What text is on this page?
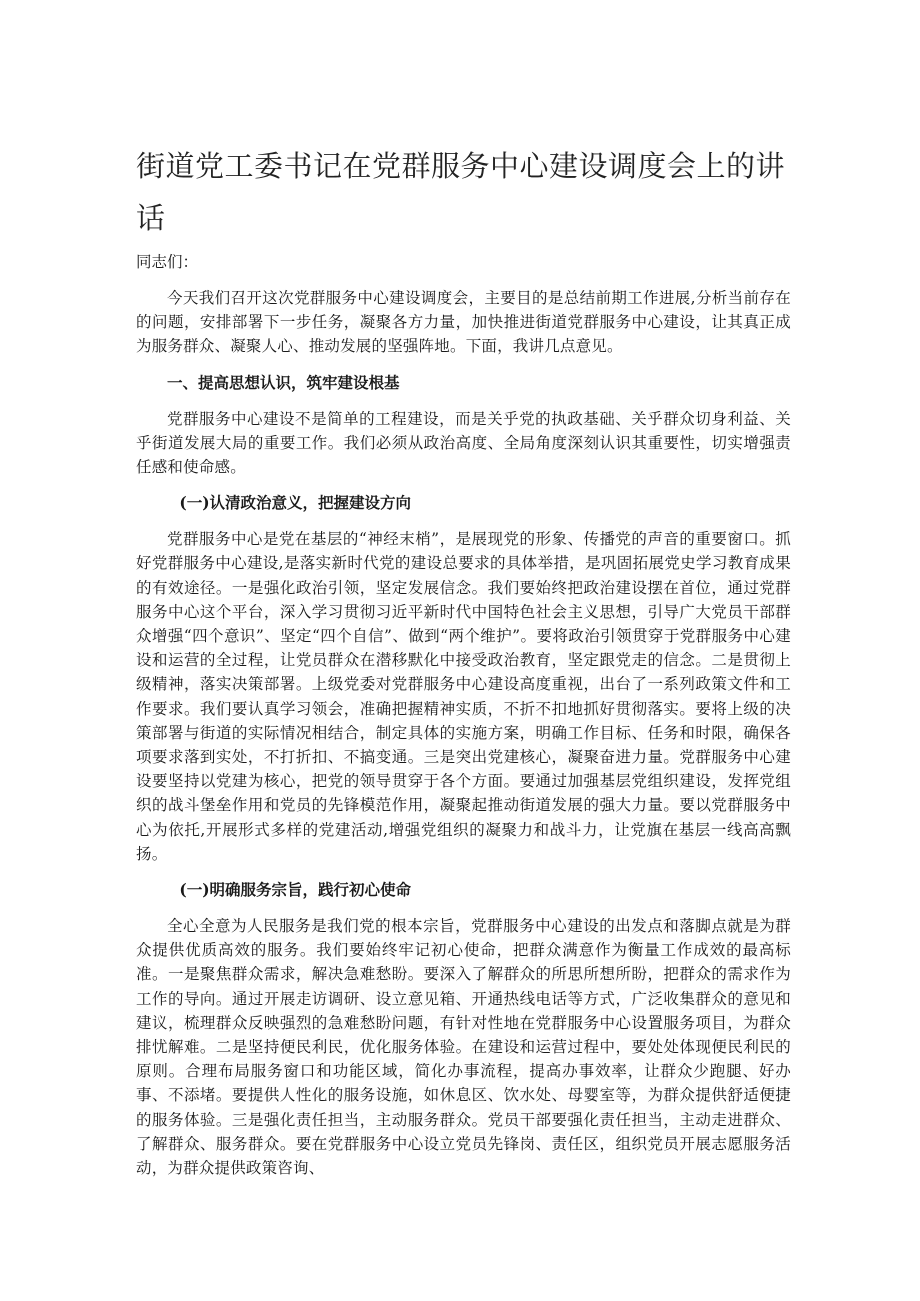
街道党工委书记在党群服务中心建设调度会上的讲话

同志们：

今天我们召开这次党群服务中心建设调度会，主要目的是总结前期工作进展,分析当前存在的问题，安排部署下一步任务，凝聚各方力量，加快推进街道党群服务中心建设，让其真正成为服务群众、凝聚人心、推动发展的坚强阵地。下面，我讲几点意见。

一、提高思想认识，筑牢建设根基

党群服务中心建设不是简单的工程建设，而是关乎党的执政基础、关乎群众切身利益、关乎街道发展大局的重要工作。我们必须从政治高度、全局角度深刻认识其重要性，切实增强责任感和使命感。

(一)认清政治意义，把握建设方向

党群服务中心是党在基层的“神经末梢”，是展现党的形象、传播党的声音的重要窗口。抓好党群服务中心建设,是落实新时代党的建设总要求的具体举措，是巩固拓展党史学习教育成果的有效途径。一是强化政治引领，坚定发展信念。我们要始终把政治建设摆在首位，通过党群服务中心这个平台，深入学习贯彻习近平新时代中国特色社会主义思想，引导广大党员干部群众增强“四个意识”、坚定“四个自信”、做到“两个维护”。要将政治引领贯穿于党群服务中心建设和运营的全过程，让党员群众在潜移默化中接受政治教育，坚定跟党走的信念。二是贯彻上级精神，落实决策部署。上级党委对党群服务中心建设高度重视，出台了一系列政策文件和工作要求。我们要认真学习领会，准确把握精神实质，不折不扣地抓好贯彻落实。要将上级的决策部署与街道的实际情况相结合，制定具体的实施方案，明确工作目标、任务和时限，确保各项要求落到实处，不打折扣、不搞变通。三是突出党建核心，凝聚奋进力量。党群服务中心建设要坚持以党建为核心，把党的领导贯穿于各个方面。要通过加强基层党组织建设，发挥党组织的战斗堡垒作用和党员的先锋模范作用，凝聚起推动街道发展的强大力量。要以党群服务中心为依托,开展形式多样的党建活动,增强党组织的凝聚力和战斗力，让党旗在基层一线高高飘扬。

(一)明确服务宗旨，践行初心使命

全心全意为人民服务是我们党的根本宗旨，党群服务中心建设的出发点和落脚点就是为群众提供优质高效的服务。我们要始终牢记初心使命，把群众满意作为衡量工作成效的最高标准。一是聚焦群众需求，解决急难愁盼。要深入了解群众的所思所想所盼，把群众的需求作为工作的导向。通过开展走访调研、设立意见箱、开通热线电话等方式，广泛收集群众的意见和建议，梳理群众反映强烈的急难愁盼问题，有针对性地在党群服务中心设置服务项目，为群众排忧解难。二是坚持便民利民，优化服务体验。在建设和运营过程中，要处处体现便民利民的原则。合理布局服务窗口和功能区域，简化办事流程，提高办事效率，让群众少跑腿、好办事、不添堵。要提供人性化的服务设施，如休息区、饮水处、母婴室等，为群众提供舒适便捷的服务体验。三是强化责任担当，主动服务群众。党员干部要强化责任担当，主动走进群众、了解群众、服务群众。要在党群服务中心设立党员先锋岗、责任区，组织党员开展志愿服务活动，为群众提供政策咨询、
